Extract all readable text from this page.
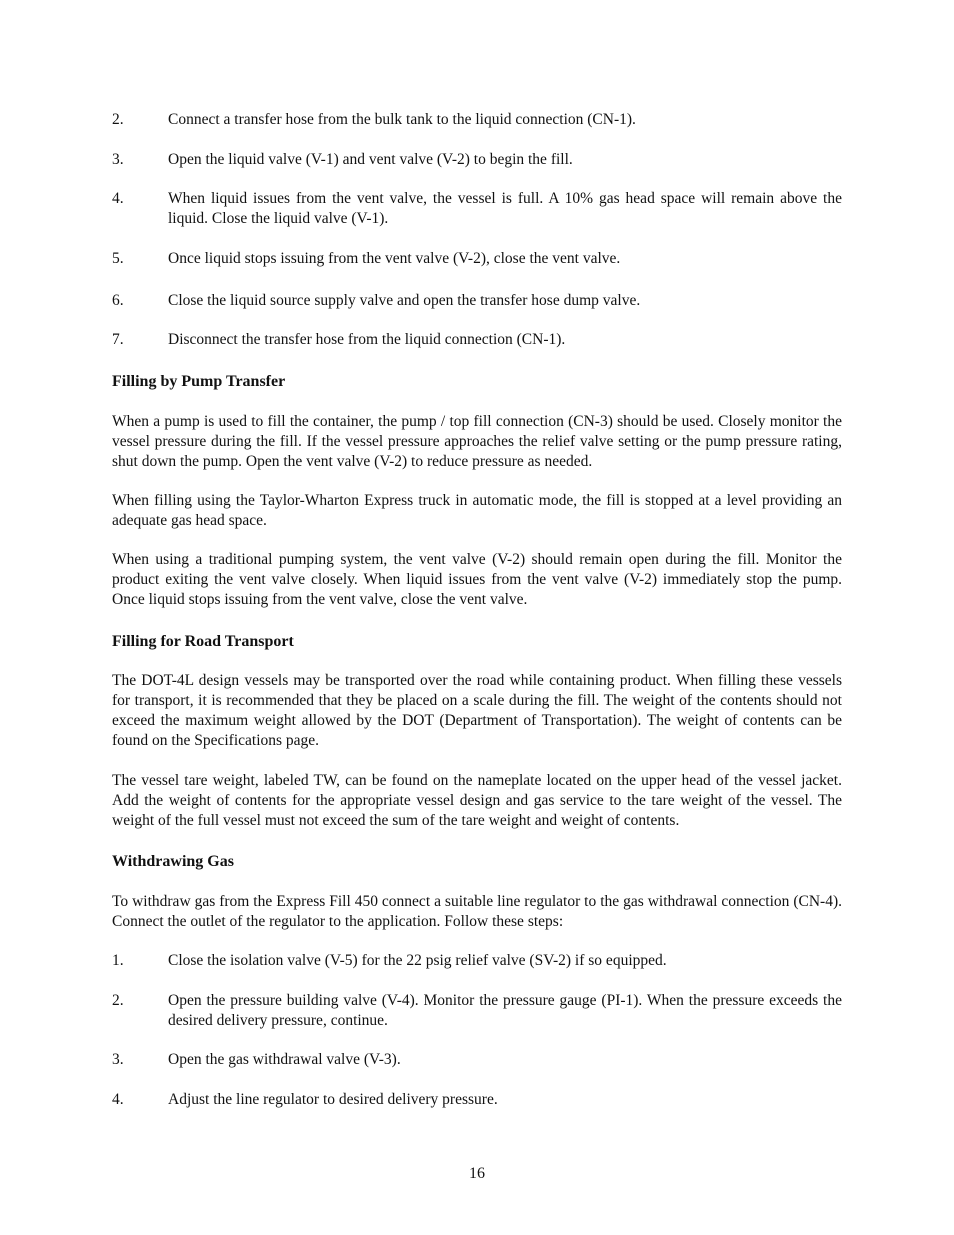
2.	Connect a transfer hose from the bulk tank to the liquid connection (CN-1).
3.	Open the liquid valve (V-1) and vent valve (V-2) to begin the fill.
4.	When liquid issues from the vent valve, the vessel is full. A 10% gas head space will remain above the liquid. Close the liquid valve (V-1).
5.	Once liquid stops issuing from the vent valve (V-2), close the vent valve.
6.	Close the liquid source supply valve and open the transfer hose dump valve.
7.	Disconnect the transfer hose from the liquid connection (CN-1).
Filling by Pump Transfer

When a pump is used to fill the container, the pump / top fill connection (CN-3) should be used. Closely monitor the vessel pressure during the fill. If the vessel pressure approaches the relief valve setting or the pump pressure rating, shut down the pump. Open the vent valve (V-2) to reduce pressure as needed.

When filling using the Taylor-Wharton Express truck in automatic mode, the fill is stopped at a level providing an adequate gas head space.

When using a traditional pumping system, the vent valve (V-2) should remain open during the fill. Monitor the product exiting the vent valve closely. When liquid issues from the vent valve (V-2) immediately stop the pump. Once liquid stops issuing from the vent valve, close the vent valve.

Filling for Road Transport

The DOT-4L design vessels may be transported over the road while containing product. When filling these vessels for transport, it is recommended that they be placed on a scale during the fill. The weight of the contents should not exceed the maximum weight allowed by the DOT (Department of Transportation). The weight of contents can be found on the Specifications page.

The vessel tare weight, labeled TW, can be found on the nameplate located on the upper head of the vessel jacket. Add the weight of contents for the appropriate vessel design and gas service to the tare weight of the vessel. The weight of the full vessel must not exceed the sum of the tare weight and weight of contents.

Withdrawing Gas

To withdraw gas from the Express Fill 450 connect a suitable line regulator to the gas withdrawal connection (CN-4). Connect the outlet of the regulator to the application. Follow these steps:

1.	Close the isolation valve (V-5) for the 22 psig relief valve (SV-2) if so equipped.
2.	Open the pressure building valve (V-4). Monitor the pressure gauge (PI-1). When the pressure exceeds the desired delivery pressure, continue.
3.	Open the gas withdrawal valve (V-3).
4.	Adjust the line regulator to desired delivery pressure.
16
